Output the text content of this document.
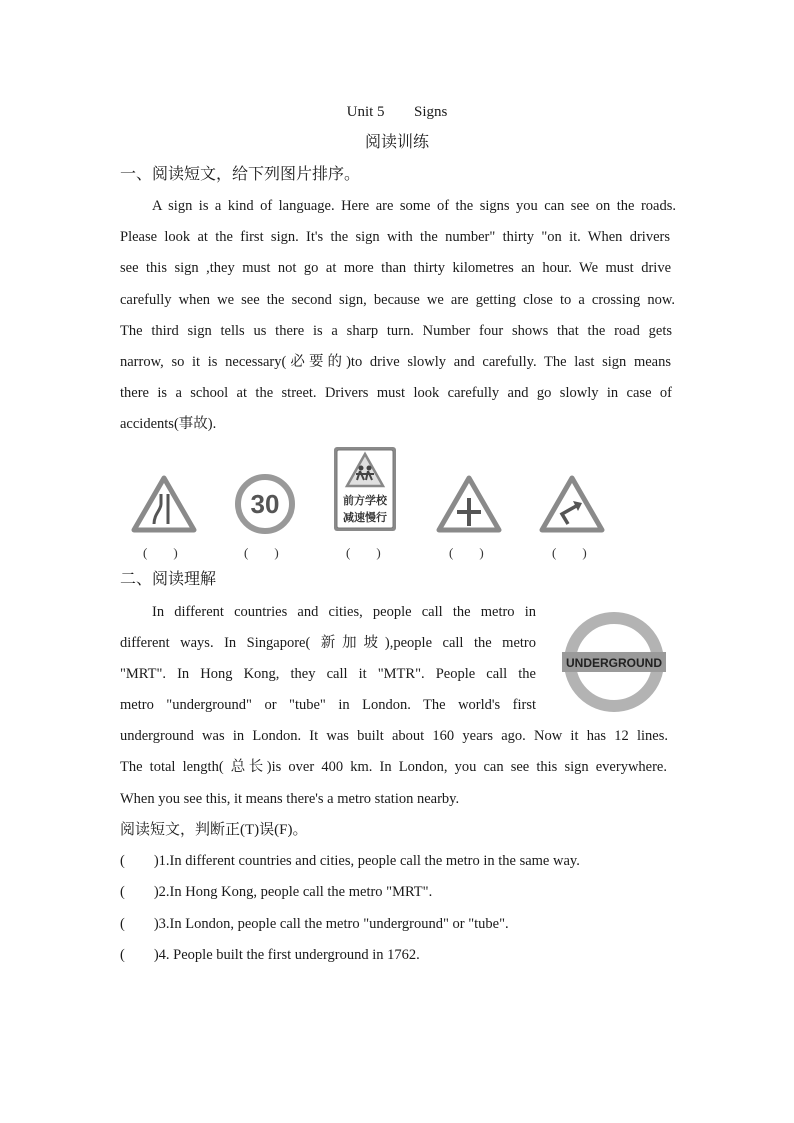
Unit 5 Signs
阅读训练
一、阅读短文，给下列图片排序。
A sign is a kind of language. Here are some of the signs you can see on the roads.
Please look at the first sign. It's the sign with the number" thirty "on it. When drivers
see this sign ,they must not go at more than thirty kilometres an hour. We must drive
carefully when we see the second sign, because we are getting close to a crossing now.
The third sign tells us there is a sharp turn. Number four shows that the road gets
narrow, so it is necessary(必要的)to drive slowly and carefully. The last sign means
there is a school at the street. Drivers must look carefully and go slowly in case of
accidents(事故).
30	前方学校
减速慢行
(　　)	(　　)	(　　)	(　　)	(　　)
二、阅读理解
In different countries and cities, people call the metro in
different ways. In Singapore( 新加坡),people call the metro
"MRT". In Hong Kong, they call it "MTR". People call the
metro "underground" or "tube" in London. The world's first
underground was in London. It was built about 160 years ago. Now it has 12 lines.
The total length( 总长)is over 400 km. In London, you can see this sign everywhere.
When you see this, it means there's a metro station nearby.
UNDERGROUND
阅读短文，判断正(T)误(F)。
(　　)1.In different countries and cities, people call the metro in the same way.
(　　)2.In Hong Kong, people call the metro "MRT".
(　　)3.In London, people call the metro "underground" or "tube".
(　　)4. People built the first underground in 1762.
